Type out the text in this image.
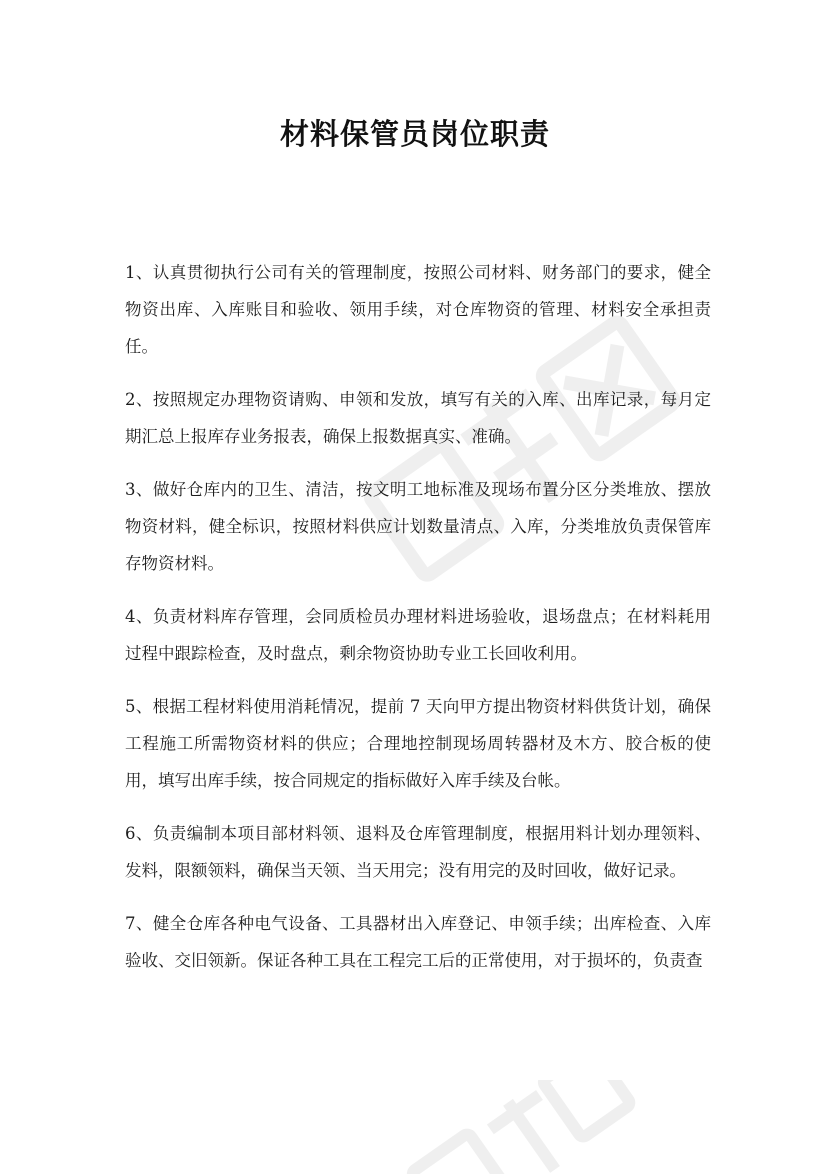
材料保管员岗位职责

1、认真贯彻执行公司有关的管理制度，按照公司材料、财务部门的要求，健全物资出库、入库账目和验收、领用手续，对仓库物资的管理、材料安全承担责任。

2、按照规定办理物资请购、申领和发放，填写有关的入库、出库记录，每月定期汇总上报库存业务报表，确保上报数据真实、准确。

3、做好仓库内的卫生、清洁，按文明工地标准及现场布置分区分类堆放、摆放物资材料，健全标识，按照材料供应计划数量清点、入库，分类堆放负责保管库存物资材料。

4、负责材料库存管理，会同质检员办理材料进场验收，退场盘点；在材料耗用过程中跟踪检查，及时盘点，剩余物资协助专业工长回收利用。

5、根据工程材料使用消耗情况，提前 7 天向甲方提出物资材料供货计划，确保工程施工所需物资材料的供应；合理地控制现场周转器材及木方、胶合板的使用，填写出库手续，按合同规定的指标做好入库手续及台帐。

6、负责编制本项目部材料领、退料及仓库管理制度，根据用料计划办理领料、发料，限额领料，确保当天领、当天用完；没有用完的及时回收，做好记录。

7、健全仓库各种电气设备、工具器材出入库登记、申领手续；出库检查、入库验收、交旧领新。保证各种工具在工程完工后的正常使用，对于损坏的，负责查
